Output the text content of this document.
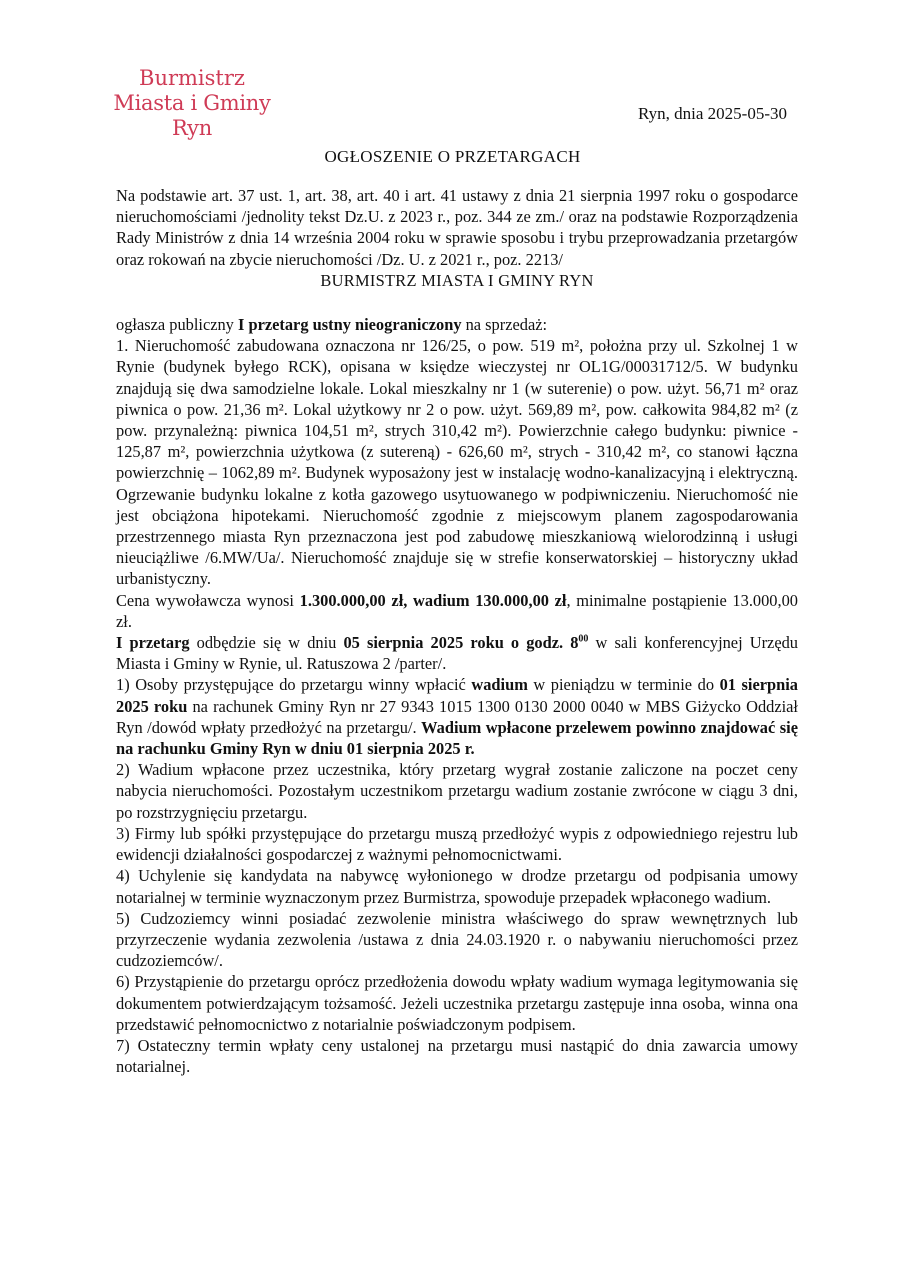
Burmistrz
Miasta i Gminy Ryn
Ryn, dnia 2025-05-30
OGŁOSZENIE O PRZETARGACH

Na podstawie art. 37 ust. 1, art. 38, art. 40 i art. 41 ustawy z dnia 21 sierpnia 1997 roku o gospodarce nieruchomościami /jednolity tekst Dz.U. z 2023 r., poz. 344 ze zm./ oraz na podstawie Rozporządzenia Rady Ministrów z dnia 14 września 2004 roku w sprawie sposobu i trybu przeprowadzania przetargów oraz rokowań na zbycie nieruchomości /Dz. U. z 2021 r., poz. 2213/

BURMISTRZ MIASTA I GMINY RYN

ogłasza publiczny I przetarg ustny nieograniczony na sprzedaż:

1. Nieruchomość zabudowana oznaczona nr 126/25, o pow. 519 m², położna przy ul. Szkolnej 1 w Rynie (budynek byłego RCK), opisana w księdze wieczystej nr OL1G/00031712/5. W budynku znajdują się dwa samodzielne lokale. Lokal mieszkalny nr 1 (w suterenie) o pow. użyt. 56,71 m² oraz piwnica o pow. 21,36 m². Lokal użytkowy nr 2 o pow. użyt. 569,89 m², pow. całkowita 984,82 m² (z pow. przynależną: piwnica 104,51 m², strych 310,42 m²). Powierzchnie całego budynku: piwnice - 125,87 m², powierzchnia użytkowa (z sutereną) - 626,60 m², strych - 310,42 m², co stanowi łączna powierzchnię – 1062,89 m². Budynek wyposażony jest w instalację wodno-kanalizacyjną i elektryczną. Ogrzewanie budynku lokalne z kotła gazowego usytuowanego w podpiwniczeniu. Nieruchomość nie jest obciążona hipotekami. Nieruchomość zgodnie z miejscowym planem zagospodarowania przestrzennego miasta Ryn przeznaczona jest pod zabudowę mieszkaniową wielorodzinną i usługi nieuciążliwe /6.MW/Ua/. Nieruchomość znajduje się w strefie konserwatorskiej – historyczny układ urbanistyczny.

Cena wywoławcza wynosi 1.300.000,00 zł, wadium 130.000,00 zł, minimalne postąpienie 13.000,00 zł.

I przetarg odbędzie się w dniu 05 sierpnia 2025 roku o godz. $8^{00}$ w sali konferencyjnej Urzędu Miasta i Gminy w Rynie, ul. Ratuszowa 2 /parter/.

1) Osoby przystępujące do przetargu winny wpłacić wadium w pieniądzu w terminie do 01 sierpnia 2025 roku na rachunek Gminy Ryn nr 27 9343 1015 1300 0130 2000 0040 w MBS Giżycko Oddział Ryn /dowód wpłaty przedłożyć na przetargu/. Wadium wpłacone przelewem powinno znajdować się na rachunku Gminy Ryn w dniu 01 sierpnia 2025 r.

2) Wadium wpłacone przez uczestnika, który przetarg wygrał zostanie zaliczone na poczet ceny nabycia nieruchomości. Pozostałym uczestnikom przetargu wadium zostanie zwrócone w ciągu 3 dni, po rozstrzygnięciu przetargu.

3) Firmy lub spółki przystępujące do przetargu muszą przedłożyć wypis z odpowiedniego rejestru lub ewidencji działalności gospodarczej z ważnymi pełnomocnictwami.

4) Uchylenie się kandydata na nabywcę wyłonionego w drodze przetargu od podpisania umowy notarialnej w terminie wyznaczonym przez Burmistrza, spowoduje przepadek wpłaconego wadium.

5) Cudzoziemcy winni posiadać zezwolenie ministra właściwego do spraw wewnętrznych lub przyrzeczenie wydania zezwolenia /ustawa z dnia 24.03.1920 r. o nabywaniu nieruchomości przez cudzoziemców/.

6) Przystąpienie do przetargu oprócz przedłożenia dowodu wpłaty wadium wymaga legitymowania się dokumentem potwierdzającym tożsamość. Jeżeli uczestnika przetargu zastępuje inna osoba, winna ona przedstawić pełnomocnictwo z notarialnie poświadczonym podpisem.

7) Ostateczny termin wpłaty ceny ustalonej na przetargu musi nastąpić do dnia zawarcia umowy notarialnej.
